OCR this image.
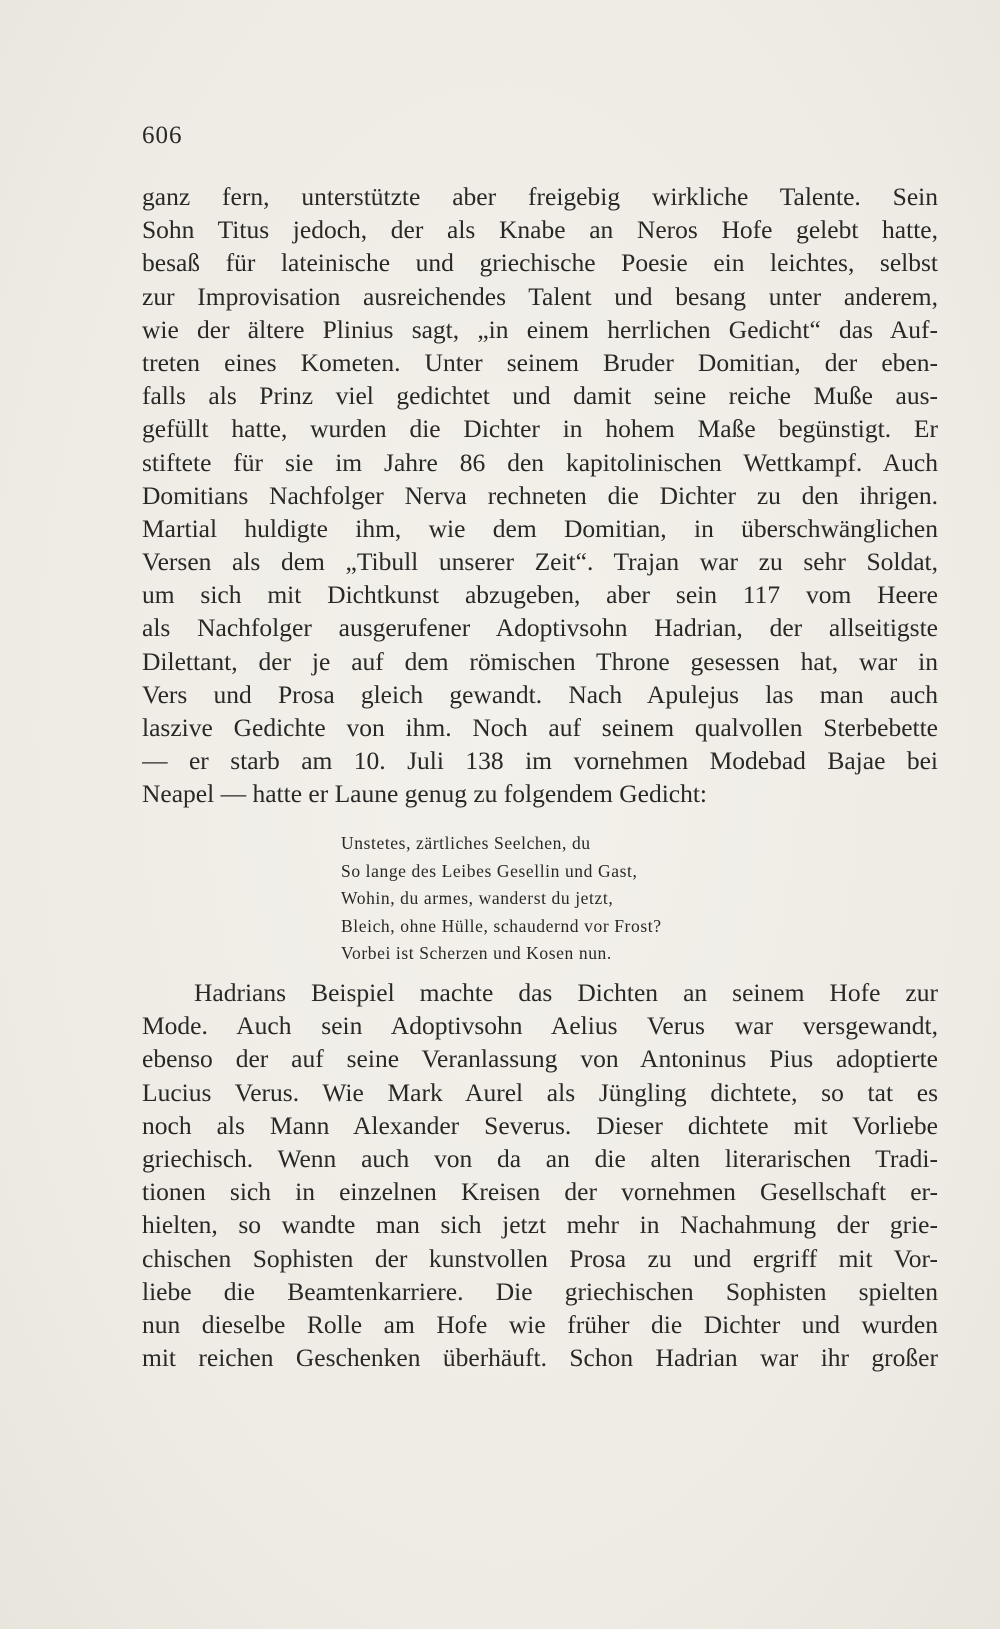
606
ganz fern, unterstützte aber freigebig wirkliche Talente. Sein
Sohn Titus jedoch, der als Knabe an Neros Hofe gelebt hatte,
besaß für lateinische und griechische Poesie ein leichtes, selbst
zur Improvisation ausreichendes Talent und besang unter anderem,
wie der ältere Plinius sagt, „in einem herrlichen Gedicht“ das Auf-
treten eines Kometen. Unter seinem Bruder Domitian, der eben-
falls als Prinz viel gedichtet und damit seine reiche Muße aus-
gefüllt hatte, wurden die Dichter in hohem Maße begünstigt. Er
stiftete für sie im Jahre 86 den kapitolinischen Wettkampf. Auch
Domitians Nachfolger Nerva rechneten die Dichter zu den ihrigen.
Martial huldigte ihm, wie dem Domitian, in überschwänglichen
Versen als dem „Tibull unserer Zeit“. Trajan war zu sehr Soldat,
um sich mit Dichtkunst abzugeben, aber sein 117 vom Heere
als Nachfolger ausgerufener Adoptivsohn Hadrian, der allseitigste
Dilettant, der je auf dem römischen Throne gesessen hat, war in
Vers und Prosa gleich gewandt. Nach Apulejus las man auch
laszive Gedichte von ihm. Noch auf seinem qualvollen Sterbebette
— er starb am 10. Juli 138 im vornehmen Modebad Bajae bei
Neapel — hatte er Laune genug zu folgendem Gedicht:
Unstetes, zärtliches Seelchen, du
So lange des Leibes Gesellin und Gast,
Wohin, du armes, wanderst du jetzt,
Bleich, ohne Hülle, schaudernd vor Frost?
Vorbei ist Scherzen und Kosen nun.
Hadrians Beispiel machte das Dichten an seinem Hofe zur
Mode. Auch sein Adoptivsohn Aelius Verus war versgewandt,
ebenso der auf seine Veranlassung von Antoninus Pius adoptierte
Lucius Verus. Wie Mark Aurel als Jüngling dichtete, so tat es
noch als Mann Alexander Severus. Dieser dichtete mit Vorliebe
griechisch. Wenn auch von da an die alten literarischen Tradi-
tionen sich in einzelnen Kreisen der vornehmen Gesellschaft er-
hielten, so wandte man sich jetzt mehr in Nachahmung der grie-
chischen Sophisten der kunstvollen Prosa zu und ergriff mit Vor-
liebe die Beamtenkarriere. Die griechischen Sophisten spielten
nun dieselbe Rolle am Hofe wie früher die Dichter und wurden
mit reichen Geschenken überhäuft. Schon Hadrian war ihr großer
